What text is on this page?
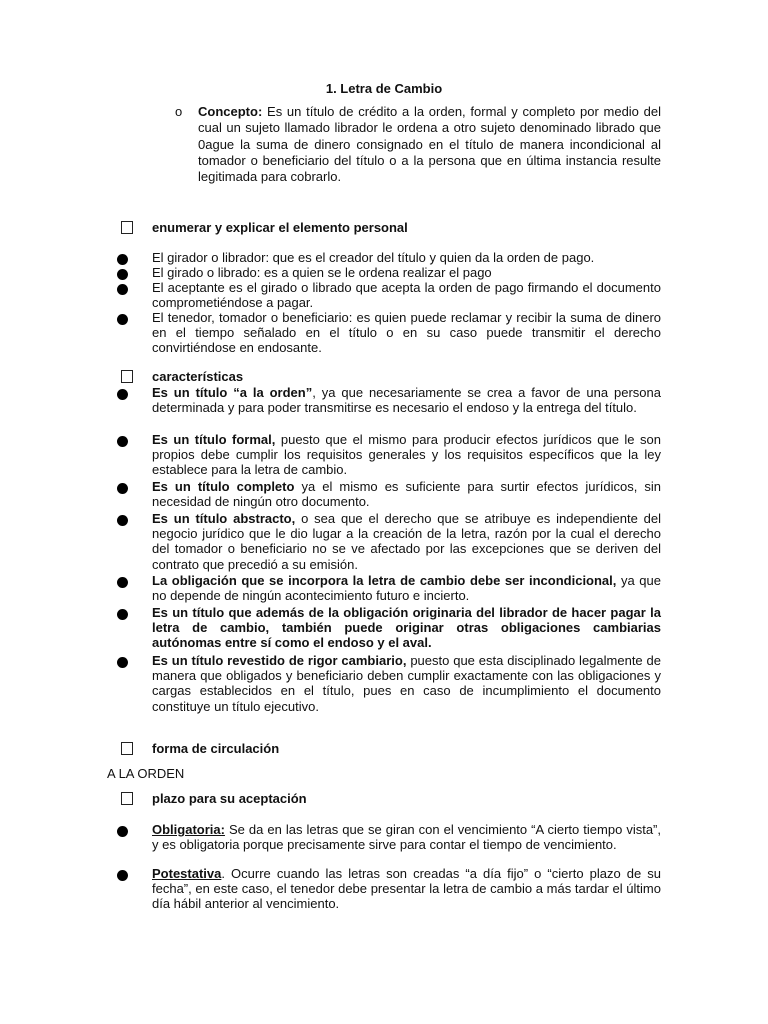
1. Letra de Cambio
o Concepto: Es un título de crédito a la orden, formal y completo por medio del cual un sujeto llamado librador le ordena a otro sujeto denominado librado que 0ague la suma de dinero consignado en el título de manera incondicional al tomador o beneficiario del título o a la persona que en última instancia resulte legitimada para cobrarlo.
enumerar y explicar el elemento personal
El girador o librador: que es el creador del título y quien da la orden de pago.
El girado o librado: es a quien se le ordena realizar el pago
El aceptante es el girado o librado que acepta la orden de pago firmando el documento comprometiéndose a pagar.
El tenedor, tomador o beneficiario: es quien puede reclamar y recibir la suma de dinero en el tiempo señalado en el título o en su caso puede transmitir el derecho convirtiéndose en endosante.
características
Es un título “a la orden”, ya que necesariamente se crea a favor de una persona determinada y para poder transmitirse es necesario el endoso y la entrega del título.
Es un título formal, puesto que el mismo para producir efectos jurídicos que le son propios debe cumplir los requisitos generales y los requisitos específicos que la ley establece para la letra de cambio.
Es un título completo ya el mismo es suficiente para surtir efectos jurídicos, sin necesidad de ningún otro documento.
Es un título abstracto, o sea que el derecho que se atribuye es independiente del negocio jurídico que le dio lugar a la creación de la letra, razón por la cual el derecho del tomador o beneficiario no se ve afectado por las excepciones que se deriven del contrato que precedió a su emisión.
La obligación que se incorpora la letra de cambio debe ser incondicional, ya que no depende de ningún acontecimiento futuro e incierto.
Es un título que además de la obligación originaria del librador de hacer pagar la letra de cambio, también puede originar otras obligaciones cambiarias autónomas entre sí como el endoso y el aval.
Es un título revestido de rigor cambiario, puesto que esta disciplinado legalmente de manera que obligados y beneficiario deben cumplir exactamente con las obligaciones y cargas establecidos en el título, pues en caso de incumplimiento el documento constituye un título ejecutivo.
forma de circulación
A LA ORDEN
plazo para su aceptación
Obligatoria: Se da en las letras que se giran con el vencimiento “A cierto tiempo vista”, y es obligatoria porque precisamente sirve para contar el tiempo de vencimiento.
Potestativa. Ocurre cuando las letras son creadas “a día fijo” o “cierto plazo de su fecha”, en este caso, el tenedor debe presentar la letra de cambio a más tardar el último día hábil anterior al vencimiento.
